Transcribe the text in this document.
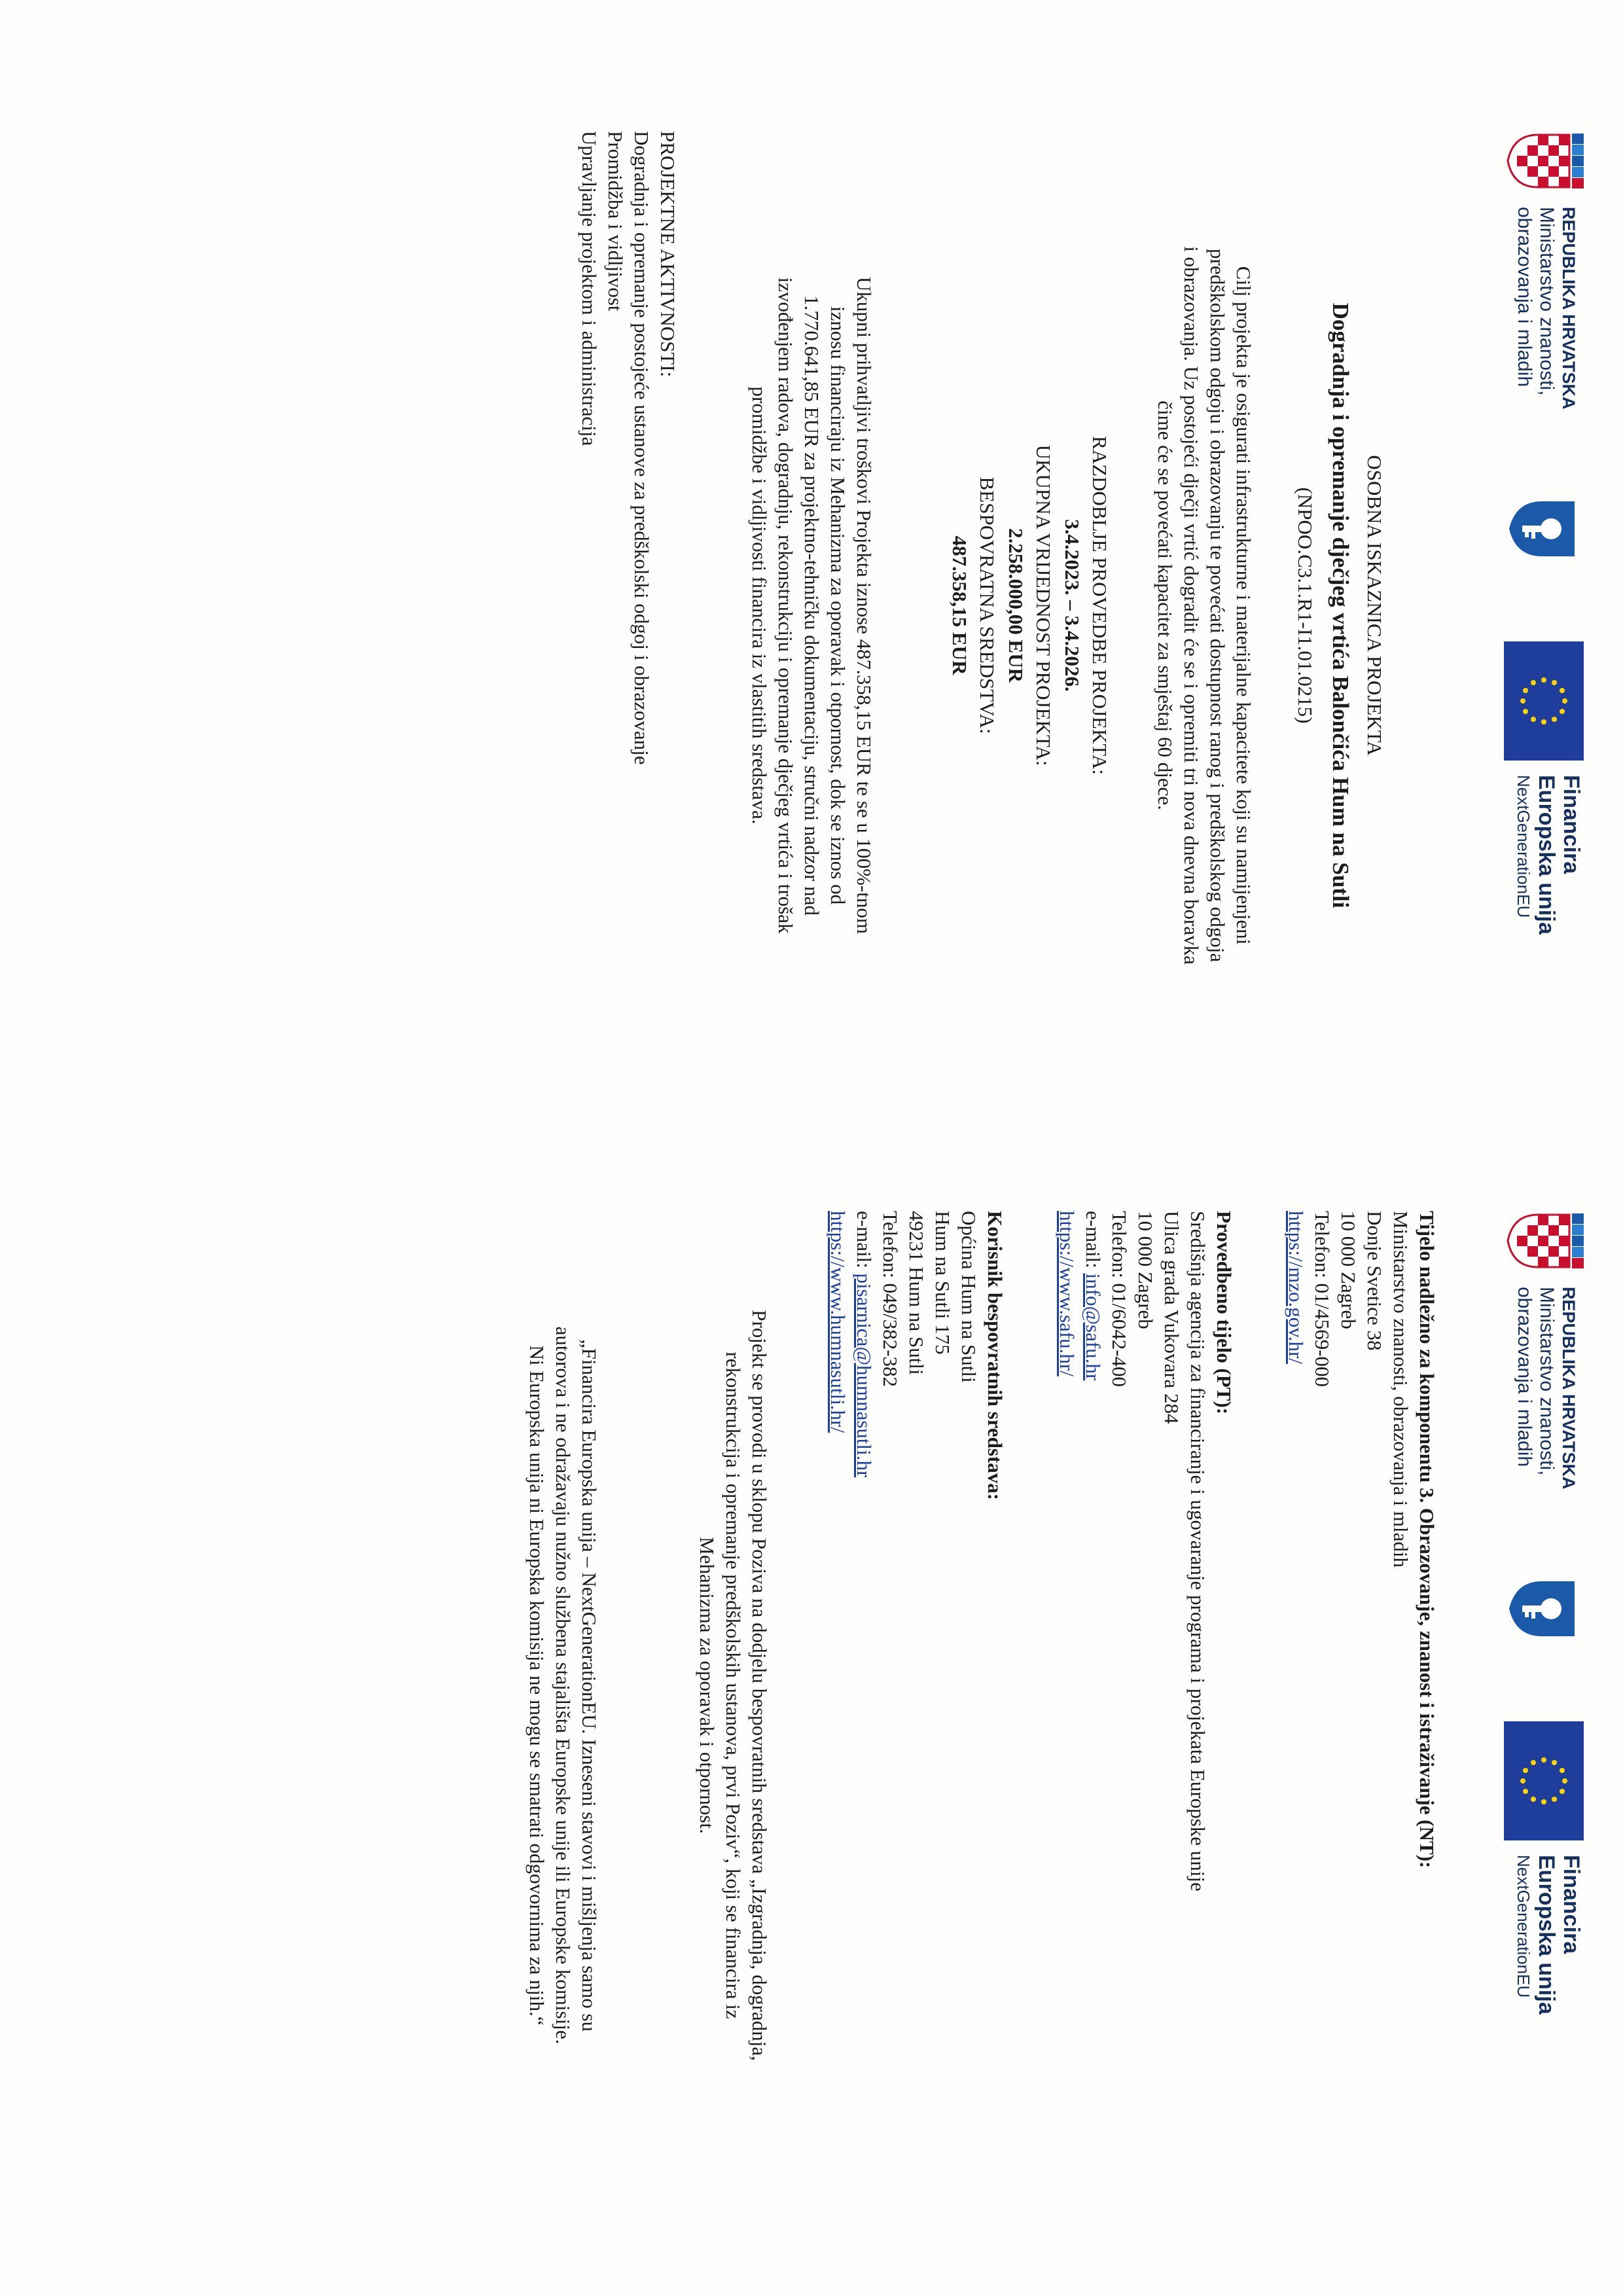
REPUBLIKA HRVATSKA
Ministarstvo znanosti,
obrazovanja i mladih
Financira
Europska unija
NextGenerationEU
OSOBNA ISKAZNICA PROJEKTA
Dogradnja i opremanje dječjeg vrtića Balončića Hum na Sutli
(NPOO.C3.1.R1-I1.01.0215)
Cilj projekta je osigurati infrastrukturne i materijalne kapacitete koji su namijenjeni
predškolskom odgoju i obrazovanju te povećati dostupnost ranog i predškolskog odgoja
i obrazovanja. Uz postojeći dječji vrtić dogradit će se i opremiti tri nova dnevna boravka
čime će se povećati kapacitet za smještaj 60 djece.
RAZDOBLJE PROVEDBE PROJEKTA:
3.4.2023. – 3.4.2026.
UKUPNA VRIJEDNOST PROJEKTA:
2.258.000,00 EUR
BESPOVRATNA SREDSTVA:
487.358,15 EUR
Ukupni prihvatljivi troškovi Projekta iznose 487.358,15 EUR te se u 100%-tnom
iznosu financiraju iz Mehanizma za oporavak i otpornost, dok se iznos od
1.770.641,85 EUR za projektno-tehničku dokumentaciju, stručni nadzor nad
izvođenjem radova, dogradnju, rekonstrukciju i opremanje dječjeg vrtića i trošak
promidžbe i vidljivosti financira iz vlastitih sredstava.
PROJEKTNE AKTIVNOSTI:
Dogradnja i opremanje postojeće ustanove za predškolski odgoj i obrazovanje
Promidžba i vidljivost
Upravljanje projektom i administracija
REPUBLIKA HRVATSKA
Ministarstvo znanosti,
obrazovanja i mladih
Financira
Europska unija
NextGenerationEU
Tijelo nadležno za komponentu 3. Obrazovanje, znanost i istraživanje (NT):
Ministarstvo znanosti, obrazovanja i mladih
Donje Svetice 38
10 000 Zagreb
Telefon: 01/4569-000
https://mzo.gov.hr/
Provedbeno tijelo (PT):
Središnja agencija za financiranje i ugovaranje programa i projekata Europske unije
Ulica grada Vukovara 284
10 000 Zagreb
Telefon: 01/6042-400
e-mail: info@safu.hr
https://www.safu.hr/
Korisnik bespovratnih sredstava:
Općina Hum na Sutli
Hum na Sutli 175
49231 Hum na Sutli
Telefon: 049/382-382
e-mail: pisarnica@humnasutli.hr
https://www.humnasutli.hr/
Projekt se provodi u sklopu Poziva na dodjelu bespovratnih sredstava „Izgradnja, dogradnja,
rekonstrukcija i opremanje predškolskih ustanova, prvi Poziv“, koji se financira iz
Mehanizma za oporavak i otpornost.
„Financira Europska unija – NextGenerationEU. Izneseni stavovi i mišljenja samo su
autorova i ne odražavaju nužno službena stajališta Europske unije ili Europske komisije.
Ni Europska unija ni Europska komisija ne mogu se smatrati odgovornima za njih.“
